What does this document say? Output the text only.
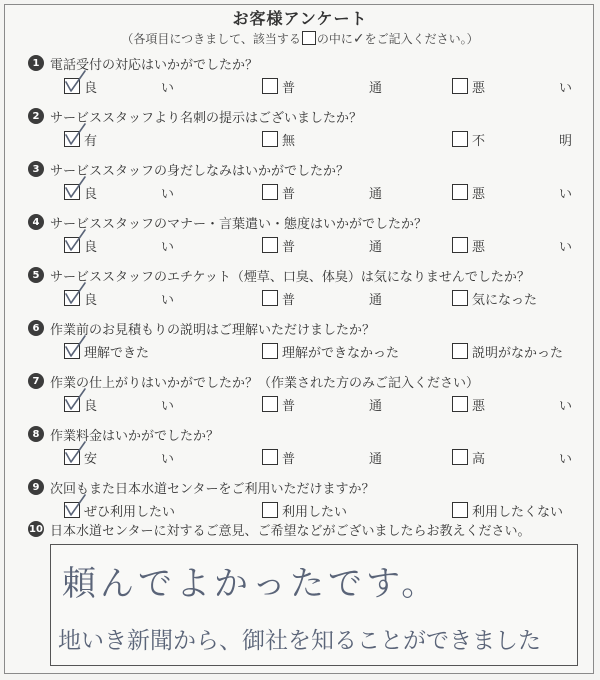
お客様アンケート
（各項目につきまして、該当する の中に✓をご記入ください。）
1 電話受付の対応はいかがでしたか？
良	い	普	通	悪	い
2 サービススタッフより名刺の提示はございましたか？
有	無	不	明
3 サービススタッフの身だしなみはいかがでしたか？
良	い	普	通	悪	い
4 サービススタッフのマナー・言葉遣い・態度はいかがでしたか？
良	い	普	通	悪	い
5 サービススタッフのエチケット（煙草、口臭、体臭）は気になりませんでしたか？
良	い	普	通	気になった
6 作業前のお見積もりの説明はご理解いただけましたか？
理解できた	理解ができなかった	説明がなかった
7 作業の仕上がりはいかがでしたか？（作業された方のみご記入ください）
良	い	普	通	悪	い
8 作業料金はいかがでしたか？
安	い	普	通	高	い
9 次回もまた日本水道センターをご利用いただけますか？
ぜひ利用したい	利用したい	利用したくない
10 日本水道センターに対するご意見、ご希望などがございましたらお教えください。
頼んでよかったです。
地いき新聞から、御社を知ることができました
